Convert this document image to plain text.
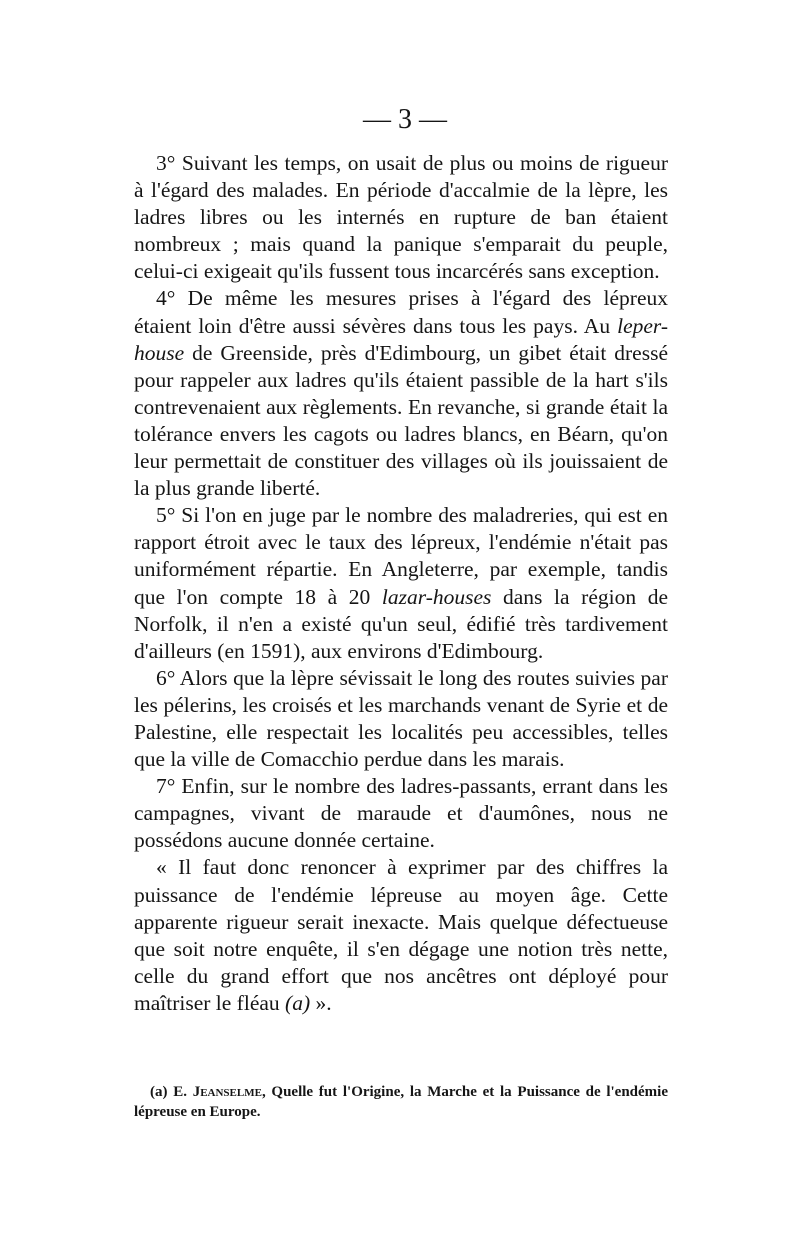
— 3 —

3° Suivant les temps, on usait de plus ou moins de rigueur à l'égard des malades. En période d'accalmie de la lèpre, les ladres libres ou les internés en rupture de ban étaient nombreux ; mais quand la panique s'emparait du peuple, celui-ci exigeait qu'ils fussent tous incarcérés sans exception.

4° De même les mesures prises à l'égard des lépreux étaient loin d'être aussi sévères dans tous les pays. Au leper-house de Greenside, près d'Edimbourg, un gibet était dressé pour rappeler aux ladres qu'ils étaient passible de la hart s'ils contrevenaient aux règlements. En revanche, si grande était la tolérance envers les cagots ou ladres blancs, en Béarn, qu'on leur permettait de constituer des villages où ils jouissaient de la plus grande liberté.

5° Si l'on en juge par le nombre des maladreries, qui est en rapport étroit avec le taux des lépreux, l'endémie n'était pas uniformément répartie. En Angleterre, par exemple, tandis que l'on compte 18 à 20 lazar-houses dans la région de Norfolk, il n'en a existé qu'un seul, édifié très tardivement d'ailleurs (en 1591), aux environs d'Edimbourg.

6° Alors que la lèpre sévissait le long des routes suivies par les pélerins, les croisés et les marchands venant de Syrie et de Palestine, elle respectait les localités peu accessibles, telles que la ville de Comacchio perdue dans les marais.

7° Enfin, sur le nombre des ladres-passants, errant dans les campagnes, vivant de maraude et d'aumônes, nous ne possédons aucune donnée certaine.

« Il faut donc renoncer à exprimer par des chiffres la puissance de l'endémie lépreuse au moyen âge. Cette apparente rigueur serait inexacte. Mais quelque défectueuse que soit notre enquête, il s'en dégage une notion très nette, celle du grand effort que nos ancêtres ont déployé pour maîtriser le fléau (a) ».

(a) E. Jeanselme, Quelle fut l'Origine, la Marche et la Puissance de l'endémie lépreuse en Europe.
